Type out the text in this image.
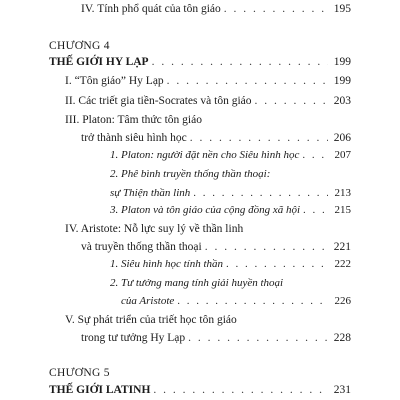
IV. Tính phổ quát của tôn giáo . . .	195
CHƯƠNG 4
THẾ GIỚI HY LẠP . . .	199
I. “Tôn giáo” Hy Lạp . . .	199
II. Các triết gia tiền-Socrates và tôn giáo . . .	203
III. Platon: Tâm thức tôn giáo
trở thành siêu hình học . . .	206
1. Platon: người đặt nền cho Siêu hình học . . .	207
2. Phê bình truyền thống thần thoại:
sự Thiện thần linh . . .	213
3. Platon và tôn giáo của cộng đồng xã hội . . .	215
IV. Aristote: Nỗ lực suy lý về thần linh
và truyền thống thần thoại . . .	221
1. Siêu hình học tính thần . . .	222
2. Tư tưởng mang tính giải huyền thoại
của Aristote . . .	226
V. Sự phát triển của triết học tôn giáo
trong tư tưởng Hy Lạp . . .	228
CHƯƠNG 5
THẾ GIỚI LATINH . . .	231
